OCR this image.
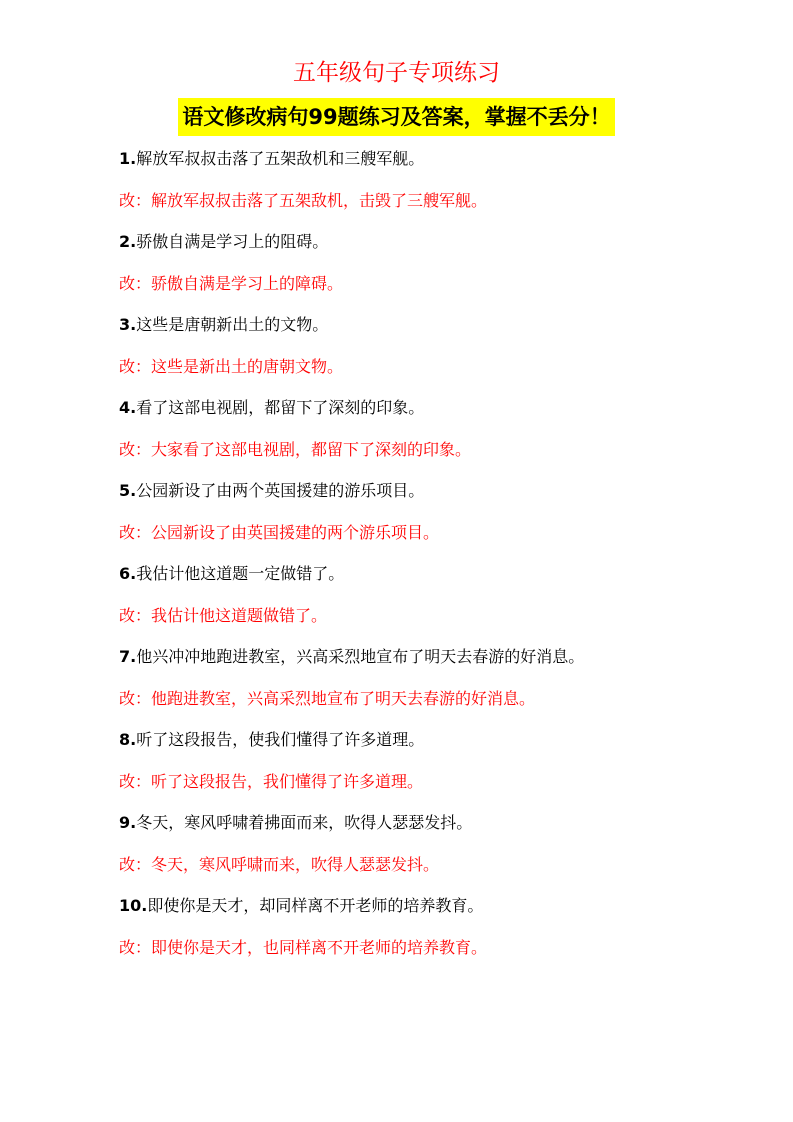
五年级句子专项练习
语文修改病句99题练习及答案，掌握不丢分！
1.解放军叔叔击落了五架敌机和三艘军舰。
改：解放军叔叔击落了五架敌机，击毁了三艘军舰。
2.骄傲自满是学习上的阻碍。
改：骄傲自满是学习上的障碍。
3.这些是唐朝新出土的文物。
改：这些是新出土的唐朝文物。
4.看了这部电视剧，都留下了深刻的印象。
改：大家看了这部电视剧，都留下了深刻的印象。
5.公园新设了由两个英国援建的游乐项目。
改：公园新设了由英国援建的两个游乐项目。
6.我估计他这道题一定做错了。
改：我估计他这道题做错了。
7.他兴冲冲地跑进教室，兴高采烈地宣布了明天去春游的好消息。
改：他跑进教室，兴高采烈地宣布了明天去春游的好消息。
8.听了这段报告，使我们懂得了许多道理。
改：听了这段报告，我们懂得了许多道理。
9.冬天，寒风呼啸着拂面而来，吹得人瑟瑟发抖。
改：冬天，寒风呼啸而来，吹得人瑟瑟发抖。
10.即使你是天才，却同样离不开老师的培养教育。
改：即使你是天才，也同样离不开老师的培养教育。
